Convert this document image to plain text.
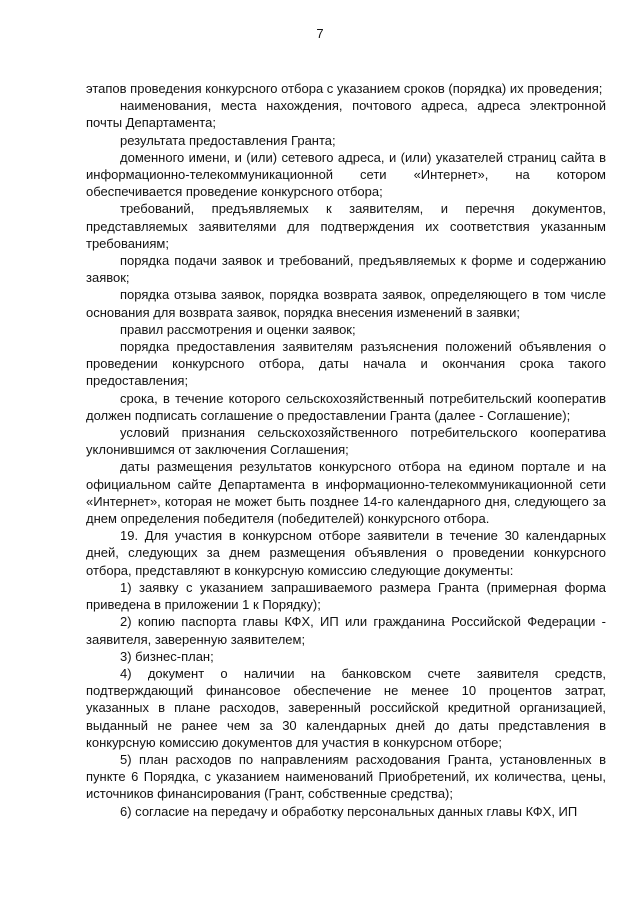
7

этапов проведения конкурсного отбора с указанием сроков (порядка) их проведения;

наименования, места нахождения, почтового адреса, адреса электронной почты Департамента;

результата предоставления Гранта;

доменного имени, и (или) сетевого адреса, и (или) указателей страниц сайта в информационно-телекоммуникационной сети «Интернет», на котором обеспечивается проведение конкурсного отбора;

требований, предъявляемых к заявителям, и перечня документов, представляемых заявителями для подтверждения их соответствия указанным требованиям;

порядка подачи заявок и требований, предъявляемых к форме и содержанию заявок;

порядка отзыва заявок, порядка возврата заявок, определяющего в том числе основания для возврата заявок, порядка внесения изменений в заявки;

правил рассмотрения и оценки заявок;

порядка предоставления заявителям разъяснения положений объявления о проведении конкурсного отбора, даты начала и окончания срока такого предоставления;

срока, в течение которого сельскохозяйственный потребительский кооператив должен подписать соглашение о предоставлении Гранта (далее - Соглашение);

условий признания сельскохозяйственного потребительского кооператива уклонившимся от заключения Соглашения;

даты размещения результатов конкурсного отбора на едином портале и на официальном сайте Департамента в информационно-телекоммуникационной сети «Интернет», которая не может быть позднее 14-го календарного дня, следующего за днем определения победителя (победителей) конкурсного отбора.

19. Для участия в конкурсном отборе заявители в течение 30 календарных дней, следующих за днем размещения объявления о проведении конкурсного отбора, представляют в конкурсную комиссию следующие документы:

1) заявку с указанием запрашиваемого размера Гранта (примерная форма приведена в приложении 1 к Порядку);

2) копию паспорта главы КФХ, ИП или гражданина Российской Федерации - заявителя, заверенную заявителем;

3) бизнес-план;

4) документ о наличии на банковском счете заявителя средств, подтверждающий финансовое обеспечение не менее 10 процентов затрат, указанных в плане расходов, заверенный российской кредитной организацией, выданный не ранее чем за 30 календарных дней до даты представления в конкурсную комиссию документов для участия в конкурсном отборе;

5) план расходов по направлениям расходования Гранта, установленных в пункте 6 Порядка, с указанием наименований Приобретений, их количества, цены, источников финансирования (Грант, собственные средства);

6) согласие на передачу и обработку персональных данных главы КФХ, ИП
